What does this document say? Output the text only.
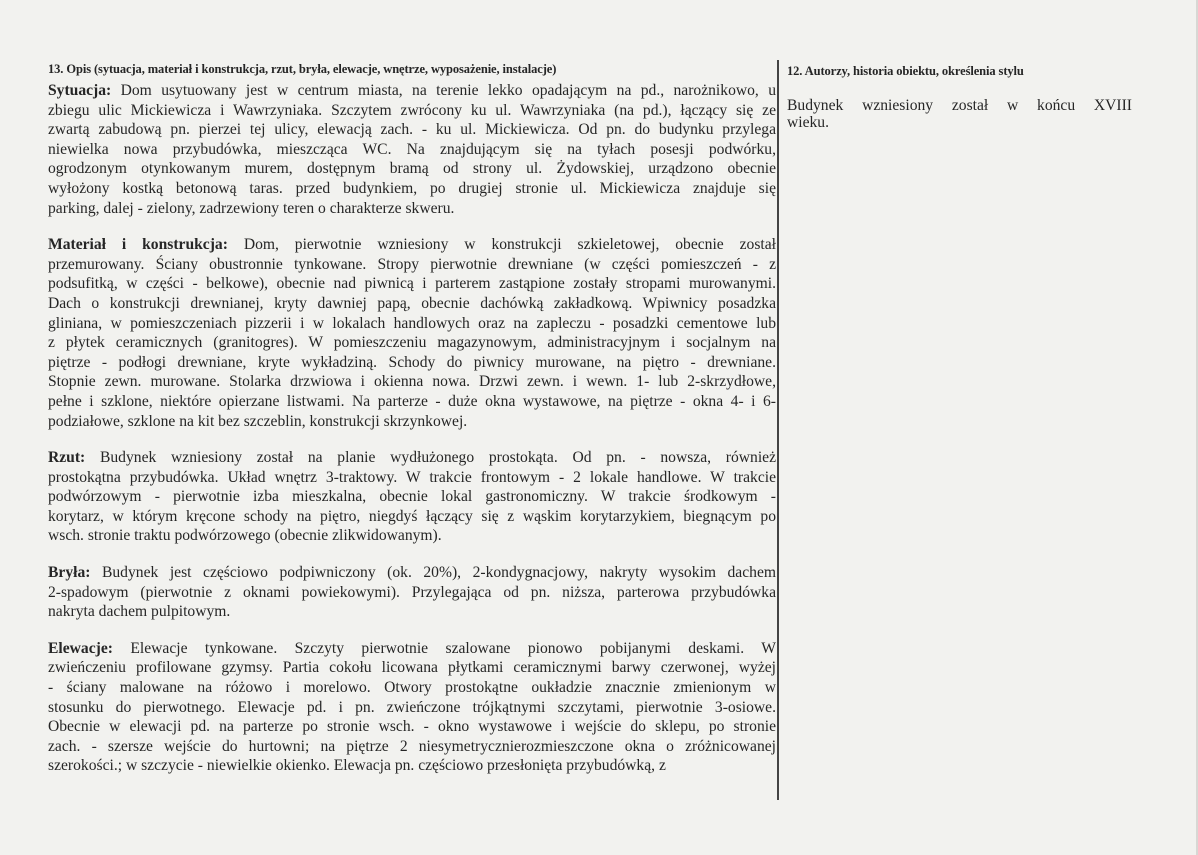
13. Opis (sytuacja, materiał i konstrukcja, rzut, bryła, elewacje, wnętrze, wyposażenie, instalacje)
Sytuacja: Dom usytuowany jest w centrum miasta, na terenie lekko opadającym na pd., narożnikowo, u
zbiegu ulic Mickiewicza i Wawrzyniaka. Szczytem zwrócony ku ul. Wawrzyniaka (na pd.), łączący się ze
zwartą zabudową pn. pierzei tej ulicy, elewacją zach. - ku ul. Mickiewicza. Od pn. do budynku przylega
niewielka nowa przybudówka, mieszcząca WC. Na znajdującym się na tyłach posesji podwórku,
ogrodzonym otynkowanym murem, dostępnym bramą od strony ul. Żydowskiej, urządzono obecnie
wyłożony kostką betonową taras. przed budynkiem, po drugiej stronie ul. Mickiewicza znajduje się
parking, dalej - zielony, zadrzewiony teren o charakterze skweru.
Materiał i konstrukcja: Dom, pierwotnie wzniesiony w konstrukcji szkieletowej, obecnie został
przemurowany. Ściany obustronnie tynkowane. Stropy pierwotnie drewniane (w części pomieszczeń - z
podsufitką, w części - belkowe), obecnie nad piwnicą i parterem zastąpione zostały stropami murowanymi.
Dach o konstrukcji drewnianej, kryty dawniej papą, obecnie dachówką zakładkową. Wpiwnicy posadzka
gliniana, w pomieszczeniach pizzerii i w lokalach handlowych oraz na zapleczu - posadzki cementowe lub
z płytek ceramicznych (granitogres). W pomieszczeniu magazynowym, administracyjnym i socjalnym na
piętrze - podłogi drewniane, kryte wykładziną. Schody do piwnicy murowane, na piętro - drewniane.
Stopnie zewn. murowane. Stolarka drzwiowa i okienna nowa. Drzwi zewn. i wewn. 1- lub 2-skrzydłowe,
pełne i szklone, niektóre opierzane listwami. Na parterze - duże okna wystawowe, na piętrze - okna 4- i 6-
podziałowe, szklone na kit bez szczeblin, konstrukcji skrzynkowej.
Rzut: Budynek wzniesiony został na planie wydłużonego prostokąta. Od pn. - nowsza, również
prostokątna przybudówka. Układ wnętrz 3-traktowy. W trakcie frontowym - 2 lokale handlowe. W trakcie
podwórzowym - pierwotnie izba mieszkalna, obecnie lokal gastronomiczny. W trakcie środkowym -
korytarz, w którym kręcone schody na piętro, niegdyś łączący się z wąskim korytarzykiem, biegnącym po
wsch. stronie traktu podwórzowego (obecnie zlikwidowanym).
Bryła: Budynek jest częściowo podpiwniczony (ok. 20%), 2-kondygnacjowy, nakryty wysokim dachem
2-spadowym (pierwotnie z oknami powiekowymi). Przylegająca od pn. niższa, parterowa przybudówka
nakryta dachem pulpitowym.
Elewacje: Elewacje tynkowane. Szczyty pierwotnie szalowane pionowo pobijanymi deskami. W
zwieńczeniu profilowane gzymsy. Partia cokołu licowana płytkami ceramicznymi barwy czerwonej, wyżej
- ściany malowane na różowo i morelowo. Otwory prostokątne oukładzie znacznie zmienionym w
stosunku do pierwotnego. Elewacje pd. i pn. zwieńczone trójkątnymi szczytami, pierwotnie 3-osiowe.
Obecnie w elewacji pd. na parterze po stronie wsch. - okno wystawowe i wejście do sklepu, po stronie
zach. - szersze wejście do hurtowni; na piętrze 2 niesymetrycznierozmieszczone okna o zróżnicowanej
szerokości.; w szczycie - niewielkie okienko. Elewacja pn. częściowo przesłonięta przybudówką, z
12. Autorzy, historia obiektu, określenia stylu
Budynek wzniesiony został w końcu XVIII
wieku.
